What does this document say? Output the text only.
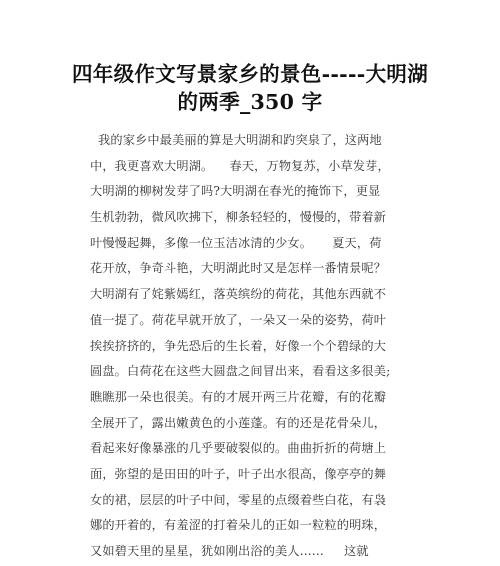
四年级作文写景家乡的景色-----大明湖
的两季_350 字
我的家乡中最美丽的算是大明湖和趵突泉了，这两地
中，我更喜欢大明湖。    春天，万物复苏，小草发芽，
大明湖的柳树发芽了吗?大明湖在春光的掩饰下，更显
生机勃勃，微风吹拂下，柳条轻轻的，慢慢的，带着新
叶慢慢起舞，多像一位玉洁冰清的少女。     夏天，荷
花开放，争奇斗艳，大明湖此时又是怎样一番情景呢？
大明湖有了姹紫嫣红，落英缤纷的荷花，其他东西就不
值一提了。荷花早就开放了，一朵又一朵的姿势，荷叶
挨挨挤挤的，争先恐后的生长着，好像一个个碧绿的大
圆盘。白荷花在这些大圆盘之间冒出来，看看这多很美;
瞧瞧那一朵也很美。有的才展开两三片花瓣，有的花瓣
全展开了，露出嫩黄色的小莲蓬。有的还是花骨朵儿，
看起来好像暴涨的几乎要破裂似的。曲曲折折的荷塘上
面，弥望的是田田的叶子，叶子出水很高，像亭亭的舞
女的裙，层层的叶子中间，零星的点缀着些白花，有袅
娜的开着的，有羞涩的打着朵儿的正如一粒粒的明珠，
又如碧天里的星星，犹如刚出浴的美人......     这就
